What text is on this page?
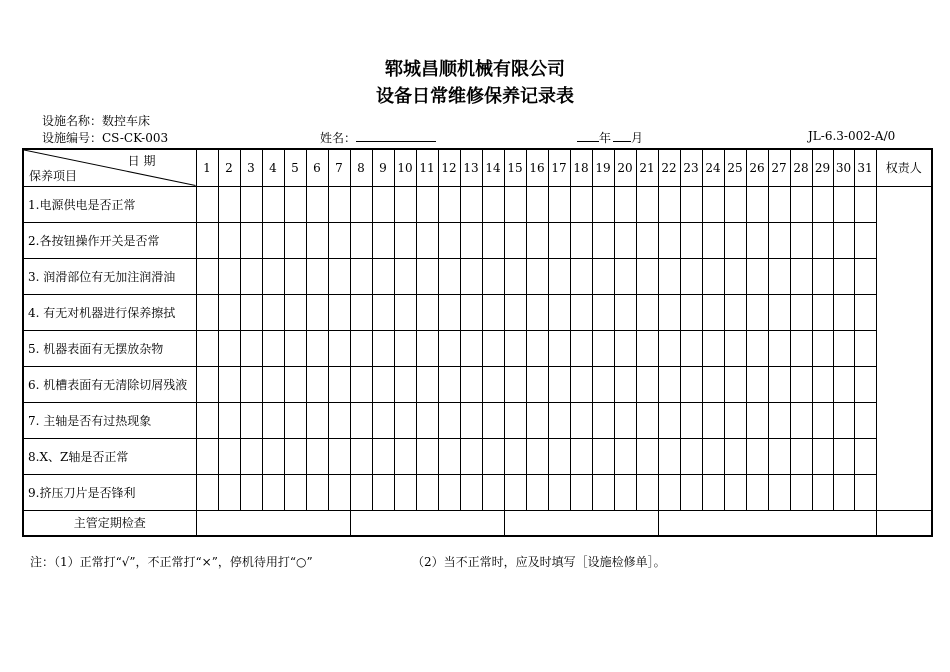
郓城昌顺机械有限公司
设备日常维修保养记录表
设施名称：数控车床
设施编号：CS-CK-003	姓名：	年 月	JL-6.3-002-A/0
日 期
保养项目	1	2	3	4	5	6	7	8	9	10	11	12	13	14	15	16	17	18	19	20	21	22	23	24	25	26	27	28	29	30	31	权责人
1.电源供电是否正常																																
2.各按钮操作开关是否常																																
3. 润滑部位有无加注润滑油																																
4. 有无对机器进行保养擦拭																																
5. 机器表面有无摆放杂物																																
6. 机槽表面有无清除切屑残液																																
7. 主轴是否有过热现象																																
8.X、Z轴是否正常																																
9.挤压刀片是否锋利																																
主管定期检查																																
注：（1）正常打“√”，不正常打“×”，停机待用打“○”	（2）当不正常时，应及时填写［设施检修单］。
